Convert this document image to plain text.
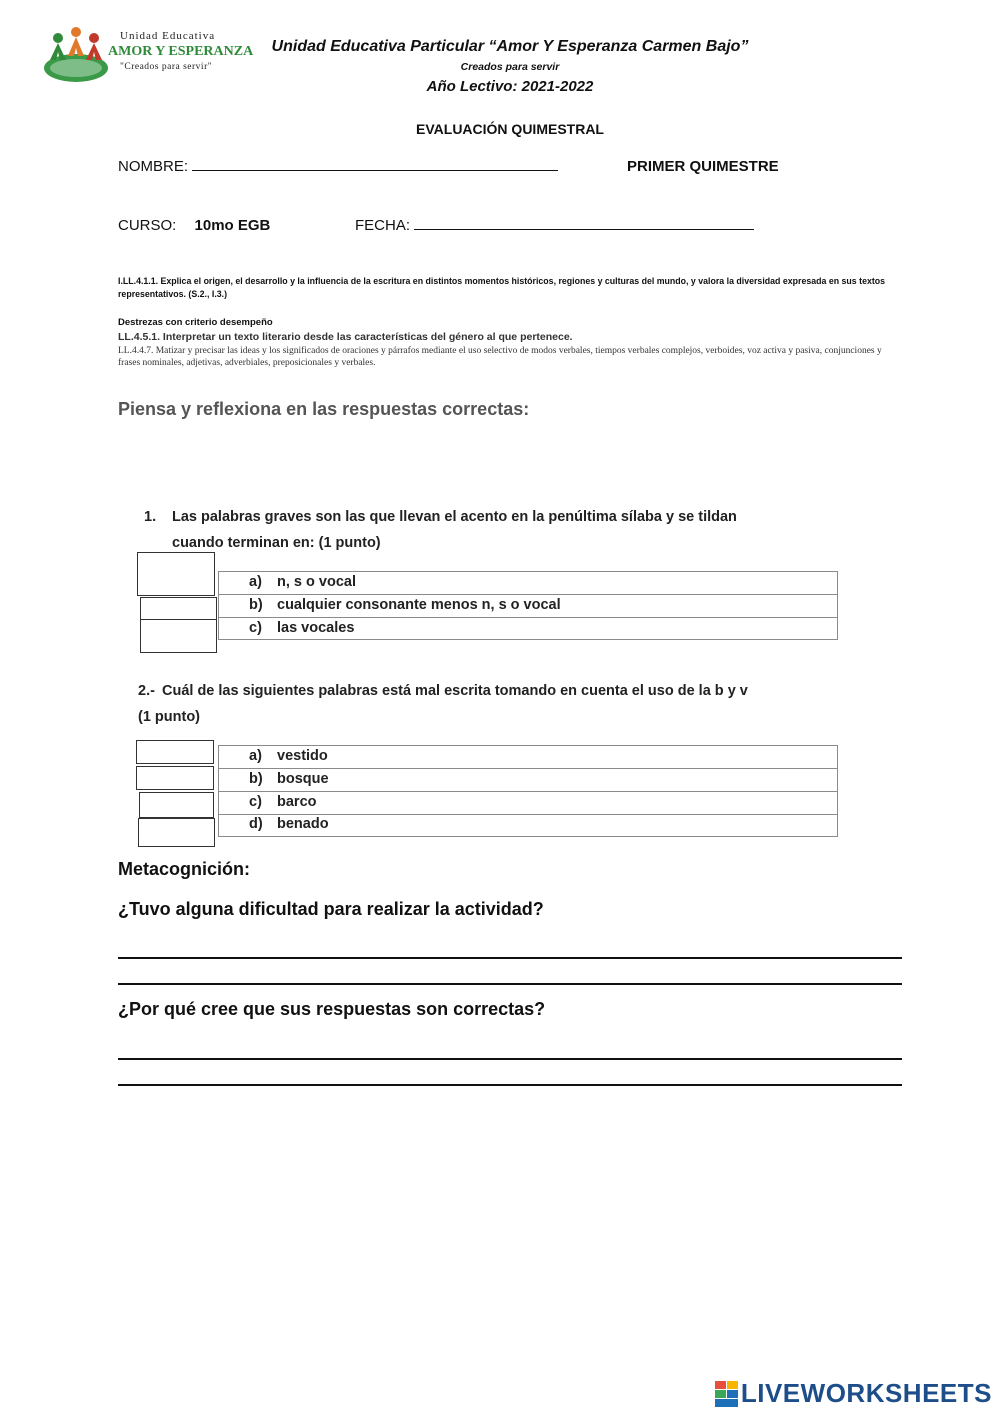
Unidad Educativa
AMOR Y ESPERANZA
"Creados para servir"
Unidad Educativa Particular “Amor Y Esperanza Carmen Bajo”
Creados para servir
Año Lectivo: 2021-2022
EVALUACIÓN QUIMESTRAL
NOMBRE:	PRIMER QUIMESTRE
CURSO: 10mo EGB	FECHA:
I.LL.4.1.1. Explica el origen, el desarrollo y la influencia de la escritura en distintos momentos históricos, regiones y culturas del mundo, y valora la diversidad expresada en sus textos representativos. (S.2., I.3.)
Destrezas con criterio desempeño
LL.4.5.1. Interpretar un texto literario desde las características del género al que pertenece.
LL.4.4.7. Matizar y precisar las ideas y los significados de oraciones y párrafos mediante el uso selectivo de modos verbales, tiempos verbales complejos, verboides, voz activa y pasiva, conjunciones y frases nominales, adjetivas, adverbiales, preposicionales y verbales.
Piensa y reflexiona en las respuestas correctas:
1. Las palabras graves son las que llevan el acento en la penúltima sílaba y se tildan
cuando terminan en: (1 punto)
a) n, s o vocal
b) cualquier consonante menos n, s o vocal
c) las vocales
2.- Cuál de las siguientes palabras está mal escrita tomando en cuenta el uso de la b y v
(1 punto)
a) vestido
b) bosque
c) barco
d) benado
Metacognición:
¿Tuvo alguna dificultad para realizar la actividad?
¿Por qué cree que sus respuestas son correctas?
LIVEWORKSHEETS
